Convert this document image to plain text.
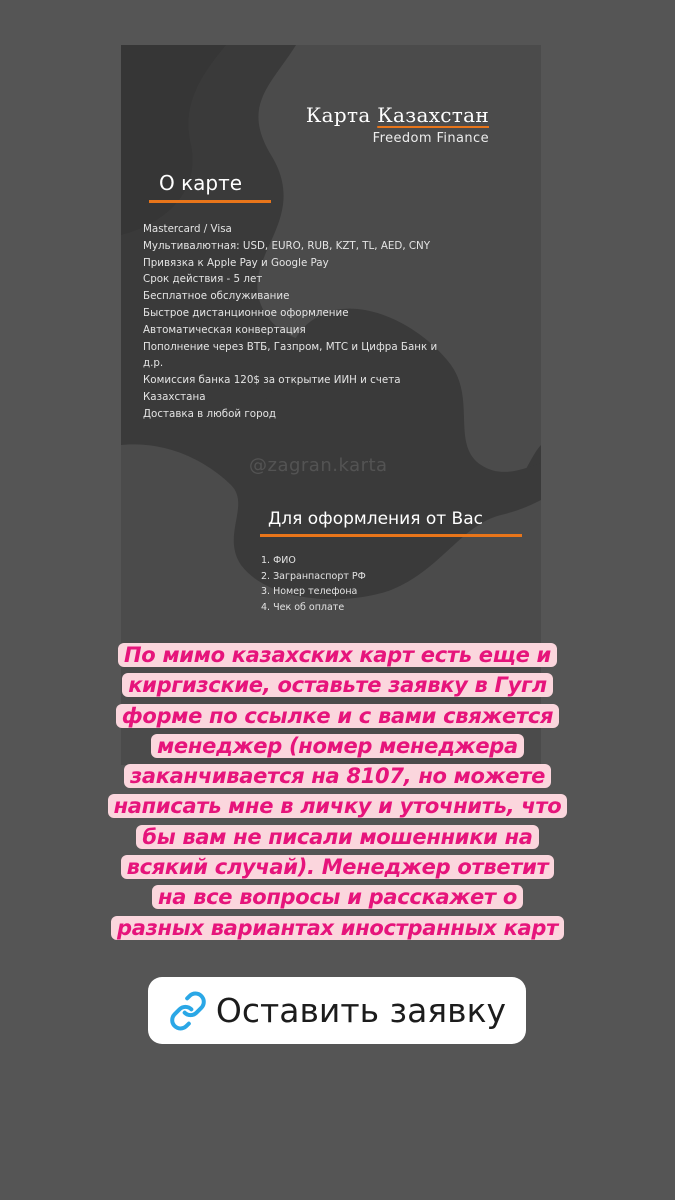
Карта Казахстан
Freedom Finance
О карте
Mastercard / Visa
Мультивалютная: USD, EURO, RUB, KZT, TL, AED, CNY
Привязка к Apple Pay и Google Pay
Срок действия - 5 лет
Бесплатное обслуживание
Быстрое дистанционное оформление
Автоматическая конвертация
Пополнение через ВТБ, Газпром, МТС и Цифра Банк и
д.р.
Комиссия банка 120$ за открытие ИИН и счета
Казахстана
Доставка в любой город
@zagran.karta
Для оформления от Вас
1. ФИО
2. Загранпаспорт РФ
3. Номер телефона
4. Чек об оплате
По мимо казахских карт есть еще и
киргизские, оставьте заявку в Гугл
форме по ссылке и с вами свяжется
менеджер (номер менеджера
заканчивается на 8107, но можете
написать мне в личку и уточнить, что
бы вам не писали мошенники на
всякий случай). Менеджер ответит
на все вопросы и расскажет о
разных вариантах иностранных карт
Оставить заявку
